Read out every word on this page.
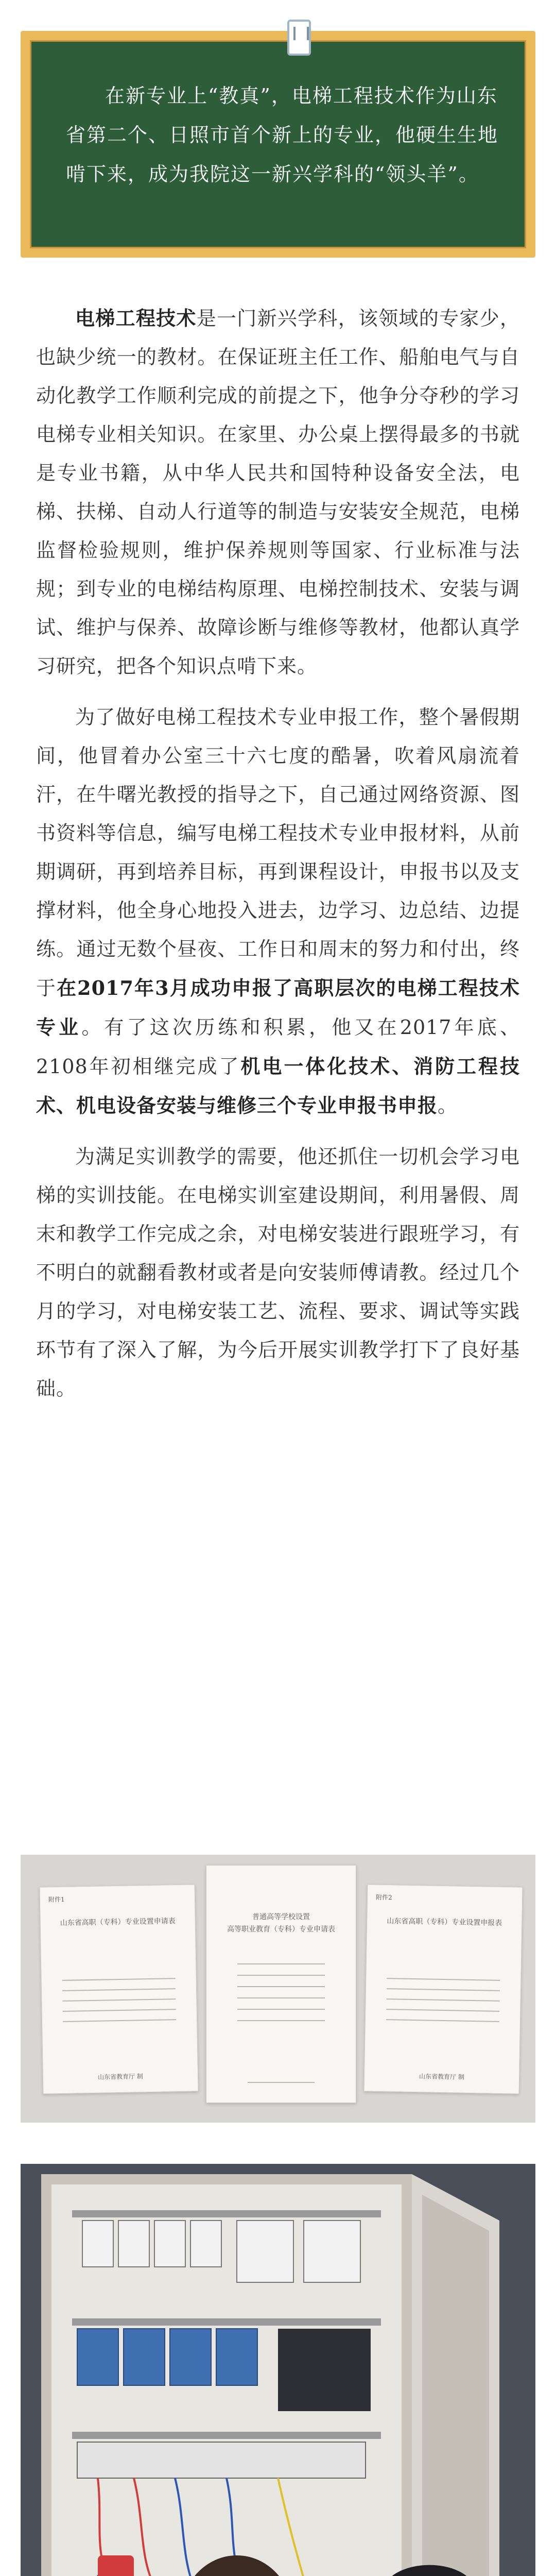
在新专业上“教真”，电梯工程技术作为山东省第二个、日照市首个新上的专业，他硬生生地啃下来，成为我院这一新兴学科的“领头羊”。

电梯工程技术是一门新兴学科，该领域的专家少，也缺少统一的教材。在保证班主任工作、船舶电气与自动化教学工作顺利完成的前提之下，他争分夺秒的学习电梯专业相关知识。在家里、办公桌上摆得最多的书就是专业书籍，从中华人民共和国特种设备安全法，电梯、扶梯、自动人行道等的制造与安装安全规范，电梯监督检验规则，维护保养规则等国家、行业标准与法规；到专业的电梯结构原理、电梯控制技术、安装与调试、维护与保养、故障诊断与维修等教材，他都认真学习研究，把各个知识点啃下来。

为了做好电梯工程技术专业申报工作，整个暑假期间，他冒着办公室三十六七度的酷暑，吹着风扇流着汗，在牛曙光教授的指导之下，自己通过网络资源、图书资料等信息，编写电梯工程技术专业申报材料，从前期调研，再到培养目标，再到课程设计，申报书以及支撑材料，他全身心地投入进去，边学习、边总结、边提练。通过无数个昼夜、工作日和周末的努力和付出，终于在2017年3月成功申报了高职层次的电梯工程技术专业。有了这次历练和积累，他又在2017年底、2108年初相继完成了机电一体化技术、消防工程技术、机电设备安装与维修三个专业申报书申报。

为满足实训教学的需要，他还抓住一切机会学习电梯的实训技能。在电梯实训室建设期间，利用暑假、周末和教学工作完成之余，对电梯安装进行跟班学习，有不明白的就翻看教材或者是向安装师傅请教。经过几个月的学习，对电梯安装工艺、流程、要求、调试等实践环节有了深入了解，为今后开展实训教学打下了良好基础。

附件1
山东省高职（专科）专业设置申请表
山东省教育厅 制
普通高等学校设置
高等职业教育（专科）专业申请表
附件2
山东省高职（专科）专业设置申报表
山东省教育厅 制
